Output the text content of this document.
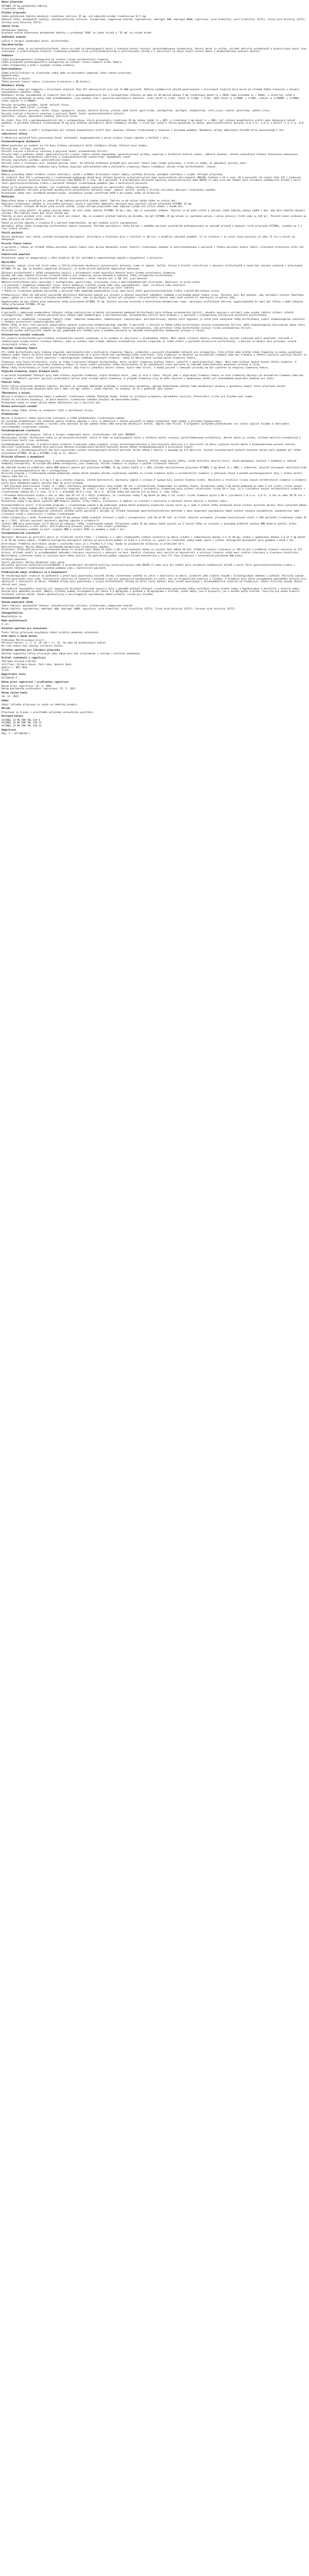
Název přípravku
ACTONEL 35 mg potahované tablety
risedronan sodný
Složení přípravku
Jedna potahovaná tableta obsahuje risedronas natricus 35 mg, což odpovídá acidum risedronicum 32,5 mg.
Pomocné látky: monohydrát laktosy, mikrokrystalická celulosa, krospovidon, magnesium-stearát, hypromelosa, makrogol 400, makrogol 8000, hyprolosa, oxid křemičitý, oxid titaničitý (E171), žlutý oxid železitý (E172), červený oxid železitý (E172).
Léková forma
Potahované tablety.
Oranžové oválné bikonvexní potahované tablety s vyraženým "RSN" na jedné straně a "35 mg" na straně druhé.
Indikační skupina
Léčiva k terapii onemocnění kostí, bisfosfonáty.
Charakteristika
Risedronan sodný je pyridinylbisfosfonát, který se váže na hydroxyapatit kostí a inhibuje kostní resorpci zprostředkovanou osteoklasty. Kostní obrat je snížen, přičemž aktivita osteoblastů a mineralizace kosti jsou zachovány. V preklinických studiích risedronan prokázal silný protiosteoklastický a antiresorpční účinek a v závislosti na dávce zvýšil kostní hmotu a biomechanickou pevnost skeletu.
Indikace
Léčba postmenopauzální osteoporózy ke snížení rizika vertebrálních zlomenin.
Léčba prokázané postmenopauzální osteoporózy ke snížení rizika zlomenin krčku femuru.
Léčba osteoporózy u mužů s vysokým rizikem zlomenin.
Kontraindikace
Známá přecitlivělost na risedronan sodný nebo na kteroukoli pomocnou látku tohoto přípravku.
Hypokalcemie.
Těhotenství a kojení.
Těžká porucha funkce ledvin (clearance kreatininu < 30 ml/min).
Nežádoucí účinky
Risedronan sodný byl hodnocen v klinických studiích fáze III zahrnujících více než 15 000 pacientů. Většina nežádoucích účinků pozorovaných v klinických studiích byla mírné až středně těžké intenzity a obvykle nevyžadovala ukončení léčby.
Nežádoucí účinky zaznamenané ve studiích fáze III u postmenopauzálních žen s osteoporózou léčených po dobu až 36 měsíců dávkou 5 mg risedronanu denně (n = 5020) nebo placebem (n = 5048), u nichž byl vztah k risedronanu považován za možný nebo pravděpodobný, jsou uvedeny níže s použitím následující konvence: velmi časté (≥ 1/10), časté (≥ 1/100; < 1/10), méně časté (≥ 1/1000; < 1/100), vzácné (≥ 1/10000; < 1/1000), velmi vzácné (< 1/10000).
Poruchy nervového systému: časté: bolesti hlavy.
Poruchy oka: méně časté: iritida.
Gastrointestinální poruchy: časté: zácpa, dyspepsie, nauzea, bolesti břicha, průjem; méně časté: gastritida, ezofagitida, dysfagie, duodenitida, vřed jícnu; vzácné: glositida, zúžení jícnu.
Poruchy svalové a kosterní soustavy a pojivové tkáně: časté: muskuloskeletální bolesti.
Vyšetření: vzácné: abnormální hodnoty jaterních testů.
Ve studii fáze III u postmenopauzálních žen s osteoporózou, která porovnávala risedronan 35 mg jednou týdně (n = 485) a risedronan 5 mg denně (n = 480), byl celkový bezpečnostní profil obou dávkových režimů podobný. U pacientů léčených risedronanem 35 mg byly hlášeny následující další nežádoucí účinky, u nichž byl vztah k léčivu považován za možný: gastrointestinální poruchy (1,6 % vs. 1,0 %) a bolest (1,2 % vs. 0,8 %).
Ve dvouleté studii u mužů s osteoporózou byl celkový bezpečnostní profil mezi skupinou léčenou risedronanem a skupinou s placebem podobný. Nežádoucí účinky odpovídaly účinkům dříve pozorovaným u žen.
Laboratorní nálezy
U některých pacientů bylo pozorováno časné, přechodné, asymptomatické a mírné snížení hladin vápníku a fosfátů v séru.
Postmarketingové zkušenosti
Během používání po uvedení na trh byly hlášeny následující další nežádoucí účinky (četnost není známa):
Poruchy oka: iritida, uveitida.
Poruchy svalové a kosterní soustavy a pojivové tkáně: osteonekróza čelisti.
Poruchy kůže a podkožní tkáně: hypersenzitivita a kožní reakce včetně angioedému, generalizované vyrážky, kopřivky a bulózních kožních reakcí, některé závažné, včetně ojedinělých hlášení Stevensova-Johnsonova syndromu, toxické epidermální nekrolýzy a leukocytoklastické vaskulitidy. Vypadávání vlasů.
Poruchy imunitního systému: anafylaktická reakce.
Poruchy jater a žlučových cest: závažné poruchy jater. Ve většině hlášených případů byli pacienti léčeni také jinými přípravky, o nichž je známo, že způsobují poruchy jater.
Během postmarketingového sledování byly hlášeny atypické subtrochanterické a diafyzární zlomeniny femuru (nežádoucí účinek třídy bisfosfonátů), vzácné.
Interakce
Nebyly provedeny žádné formální studie interakcí, avšak v průběhu klinických studií nebyly zjištěny klinicky významné interakce s jinými léčivými přípravky.
Ve studiích fáze III u osteoporózy s risedronanem podávaným denně bylo užívání kyseliny acetylsalicylové nebo nesteroidních antirevmatik (NSAID) hlášeno u 33 % resp. 45 % pacientů. Ve studii fáze III s týdenním dávkováním užívalo kyselinu acetylsalicylovou nebo NSAID 57 % resp. 40 % pacientů. U pravidelných uživatelů kyseliny acetylsalicylové nebo NSAID (3 nebo více dní týdně) byla incidence nežádoucích účinků v horní části gastrointestinálního traktu u pacientů léčených risedronanem podobná jako u kontrolních pacientů.
Pokud je to považováno za vhodné, lze risedronan sodný podávat současně se substituční léčbou estrogeny.
Současné podávání léčivých přípravků obsahujících polyvalentní kationty (např. vápník, hořčík, železo a hliník) ovlivňuje absorpci risedronanu sodného.
Risedronan sodný není systémově metabolizován, neindukuje enzymy cytochromu P450 a má nízkou vazbu na bílkoviny.
Dávkování
Doporučená dávka u dospělých je jedna 35 mg tableta perorálně jednou týdně. Tableta se má užívat každý týden ve stejný den.
Absorpce risedronanu sodného je ovlivněna potravou, proto k zajištění adekvátní absorpce mají pacienti užívat přípravek ACTONEL 35 mg:
• Před snídaní: alespoň 30 minut před prvním jídlem, jiným léčivým přípravkem nebo nápojem (jiným než čistou vodou) v daném dni.
Pacienta je nutno poučit, že pokud vynechá dávku, má užít jednu tabletu ACTONEL 35 mg v den, kdy si vynechání uvědomí. Pacient se má poté vrátit k užívání jedné tablety jednou týdně v den, kdy byla tableta obvykle užívána. Dvě tablety nesmí být užity tentýž den.
Tablety se musí polykat celé, nesmí se cucat ani žvýkat. Aby se usnadnil průchod tablety do žaludku, má být ACTONEL 35 mg užíván ve vzpřímené poloze s plnou sklenicí čisté vody (≥ 120 ml). Pacient nesmí ulehnout po dobu 30 minut po užití tablety.
Pokud je příjem vápníku a vitaminu D v potravě nedostatečný, má být zvážena jejich suplementace.
Optimální délka léčby osteoporózy bisfosfonáty nebyla stanovena. Potřeba pokračující léčby má být u každého pacienta pravidelně přehodnocována na základě přínosů a možných rizik přípravku ACTONEL, zejména po 5 a více letech užívání.
Starší pacienti
Úprava dávkování není nutná, protože biologická dostupnost, distribuce a eliminace byly u starších (> 60 let) a mladších subjektů podobné. To se vztahuje i na velmi staré pacienty ve věku 75 let a starší po menopauze.
Porucha funkce ledvin
U pacientů s lehkou až středně těžkou poruchou funkce ledvin není úprava dávkování nutná. Použití risedronanu sodného je kontraindikováno u pacientů s těžkou poruchou funkce ledvin (clearance kreatininu nižší než 30 ml/min).
Pediatrická populace
Risedronan sodný se nedoporučuje u dětí mladších 18 let vzhledem k nedostatečným údajům o bezpečnosti a účinnosti.
Upozornění
Potraviny, nápoje (jiné než čistá voda) a léčivé přípravky obsahující polyvalentní kationty (jako je vápník, hořčík, železo a hliník) interferují s absorpcí bisfosfonátů a nesmí být užívány současně s přípravkem ACTONEL 35 mg. Aby se dosáhlo zamýšlené účinnosti, je nutné přesně dodržovat doporučené dávkování.
Účinnost bisfosfonátů v léčbě osteoporózy souvisí s přítomností nízké minerální denzity kostí a/nebo prevalentní zlomeniny.
Vysoký věk nebo samotné klinické rizikové faktory pro zlomeniny nejsou důvodem k zahájení léčby osteoporózy bisfosfonáty.
Údaje podporující účinnost bisfosfonátů včetně risedronanu u velmi starých žen (> 80 let) jsou omezené.
Některé bisfosfonáty byly spojovány s ezofagitidou, gastritidou, ulceracemi jícnu a gastroduodenálními ulceracemi. Opatrnost je proto nutná:
• U pacientů s anamnézou onemocnění jícnu, které zpomalují průchod jícnem nebo jeho vyprazdňování, např. striktura nebo achalazie
• U pacientů, kteří nejsou schopni udržet vzpřímenou polohu alespoň 30 minut po užití tablety
• Pokud je risedronan podáván pacientům s aktivním nebo nedávným onemocněním jícnu nebo horní části gastrointestinálního traktu (včetně Barrettova jícnu).
Předepisující lékař má zdůraznit pacientům důležitost dodržování pokynů pro užívání a věnovat pozornost jakýmkoli známkám a příznakům možné reakce jícnu. Pacienti mají být poučeni, aby vyhledali včasnou lékařskou pomoc, pokud se u nich objeví příznaky podráždění jícnu, jako je dysfagie, bolest při polykání, retrosternální bolest nebo nově vzniklé či zhoršující se pálení žáhy.
Hypokalcemie má být léčena před zahájením léčby přípravkem ACTONEL 35 mg. Ostatní poruchy kostního a minerálního metabolismu (např. dysfunkce příštítných tělísek, hypovitaminóza D) mají být léčeny v době zahájení léčby přípravkem ACTONEL 35 mg.
Osteonekróza čelisti
U pacientů s nádorovým onemocněním léčených režimy zahrnujícími primárně intravenózně podávané bisfosfonáty byla hlášena osteonekróza čelisti, obvykle spojená s extrakcí zubu a/nebo lokální infekcí (včetně osteomyelitidy). Mnoho z těchto pacientů bylo léčeno také chemoterapií a kortikosteroidy. Osteonekróza čelisti byla hlášena i u pacientů s osteoporózou užívajících perorální bisfosfonáty.
U pacientů se souběžnými rizikovými faktory (např. nádorové onemocnění, chemoterapie, radioterapie, kortikosteroidy, špatná ústní hygiena) je nutné před zahájením léčby bisfosfonáty zvážit stomatologické vyšetření s vhodnou preventivní stomatologickou péčí.
Během léčby se mají tito pacienti pokud možno vyhnout invazivním stomatologickým výkonům. U pacientů, u kterých se během léčby bisfosfonáty rozvine osteonekróza čelisti, může stomatologický chirurgický výkon tento stav zhoršit. Pro pacienty vyžadující stomatologický výkon nejsou k dispozici údaje, které by naznačovaly, zda přerušení léčby bisfosfonáty snižuje riziko osteonekrózy čelisti.
Klinický úsudek ošetřujícího lékaře má být podkladem pro léčebný plán u každého pacienta na základě individuálního zhodnocení přínosu a rizika.
Osteonekróza zevního zvukovodu
Při použití bisfosfonátů byla hlášena osteonekróza zevního zvukovodu, a to zejména ve spojitosti s dlouhodobou léčbou. Mezi možné rizikové faktory osteonekrózy zevního zvukovodu patří používání steroidů a chemoterapie a/nebo místní rizikové faktory, jako je infekce nebo trauma. Možnost osteonekrózy zevního zvukovodu je třeba zvážit u pacientů užívajících bisfosfonáty, u kterých se objeví ušní příznaky, včetně chronických infekcí ucha.
Atypické zlomeniny femuru
Při léčbě bisfosfonáty byly hlášeny atypické subtrochanterické a diafyzární zlomeniny femuru, především u pacientů dlouhodobě léčených pro osteoporózu. Tyto příčné nebo krátké šikmé zlomeniny se mohou vyskytnout kdekoli podél femuru od místa těsně pod malým trochanterem až k místu těsně nad suprakondylickým rozšířením. Tyto zlomeniny se objevují po minimálním traumatu nebo bez traumatu a někteří pacienti pociťují bolest ve stehně nebo v tříslech, často spojenou s radiologickými známkami únavových zlomenin, týdny až měsíce před vznikem úplné zlomeniny femuru.
Zlomeniny jsou často bilaterální, proto je třeba u pacientů léčených bisfosfonáty, kteří utrpěli zlomeninu diafýzy femuru, vyšetřit i kontralaterální femur. Bylo také hlášeno špatné hojení těchto zlomenin. U pacientů s podezřením na atypickou zlomeninu femuru je nutné zvážit přerušení léčby bisfosfonáty až do vyhodnocení stavu pacienta na základě individuálního posouzení přínosů a rizik.
Během léčby bisfosfonáty je nutné pacienty poučit, aby hlásili jakoukoli bolest stehna, kyčle nebo třísel, a každý pacient s takovými příznaky má být vyšetřen na neúplnou zlomeninu femuru.
Atypické zlomeniny jiných dlouhých kostí
U pacientů dlouhodobě léčených byly také hlášeny atypické zlomeniny jiných dlouhých kostí, jako je ulna a tibie. Stejně jako u atypických zlomenin femuru se tyto zlomeniny objevují po minimálním traumatu nebo bez traumatu a někteří pacienti pociťují prodromální bolest před vznikem úplné zlomeniny. V případě zlomeniny ulny to může souviset s opakovanou zátěží při dlouhodobém používání pomůcek pro chůzi.
Pomocné látky
Tento léčivý přípravek obsahuje laktosu. Pacienti se vzácnými dědičnými problémy s intolerancí galaktosy, úplným nedostatkem laktázy nebo malabsorpcí glukosy a galaktosy nemají tento přípravek užívat.
Tento léčivý přípravek obsahuje méně než 1 mmol (23 mg) sodíku v jedné tabletě, to znamená, že je v podstatě „bez sodíku“.
Těhotenství a kojení
Nejsou k dispozici dostatečné údaje o podávání risedronanu sodného těhotným ženám. Studie na zvířatech prokázaly reprodukční toxicitu. Potenciální riziko pro člověka není známo.
Studie na zvířatech naznačují, že malé množství risedronanu sodného přechází do mateřského mléka.
Risedronan sodný se nesmí užívat během těhotenství ani u kojících žen.
Řízení motorových vozidel
Nejsou známy žádné účinky na schopnost řídit a obsluhovat stroje.
Předávkování
Nejsou k dispozici žádné specifické informace o léčbě předávkování risedronanem sodným.
Po výrazném předávkování lze očekávat pokles hladiny vápníku v séru. U některých z těchto pacientů se mohou vyskytnout také známky a příznaky hypokalcemie.
K navázání risedronanu sodného a snížení jeho absorpce má být podáno mléko nebo antacida obsahující hořčík, vápník nebo hliník. V případech výrazného předávkování lze zvážit výplach žaludku k odstranění nevstřebaného risedronanu sodného.
Farmakodynamické vlastnosti
Farmakoterapeutická skupina: léčiva k terapii onemocnění kostí, bisfosfonáty; ATC kód: M05BA07.
Mechanismus účinku: Risedronan sodný je pyridinylbisfosfonát, který se váže na hydroxyapatit kostí a inhibuje kostní resorpci zprostředkovanou osteoklasty. Kostní obrat je snížen, přičemž aktivita osteoblastů a mineralizace kosti jsou zachovány.
Farmakodynamické účinky: V preklinických studiích risedronan sodný prokázal silnou antiosteoklastickou a antiresorpční aktivitu a v závislosti na dávce zvyšoval kostní hmotu a biomechanickou pevnost skeletu. Aktivita risedronanu sodného byla potvrzena měřením biochemických markerů kostního obratu během farmakodynamických a klinických studií.
Ve studiích u postmenopauzálních žen bylo pozorováno snížení biochemických markerů kostního obratu během 1 měsíce, s maximem po 3–6 měsících. Snížení biochemických markerů kostního obratu bylo podobné při léčbě přípravkem ACTONEL 35 mg a ACTONEL 5 mg ve 12. měsíci.
Klinická účinnost a bezpečnost
Léčba postmenopauzální osteoporózy: S postmenopauzální osteoporózou je spojena řada rizikových faktorů, včetně nízké kostní hmoty, nízké minerální denzity kostí, časné menopauzy, kouření v anamnéze a rodinné anamnézy osteoporózy. Klinickým důsledkem osteoporózy jsou zlomeniny. Riziko zlomenin se zvyšuje s počtem rizikových faktorů.
Na základě účinků na průměrnou změnu BMD bederní páteře byl přípravek ACTONEL 35 mg jednou týdně (n = 485) shledán ekvivalentním přípravku ACTONEL 5 mg denně (n = 480) v jednoleté, dvojitě zaslepené, multicentrické studii u postmenopauzálních žen s osteoporózou.
Klinický program s risedronanem sodným podávaným jednou denně zkoumal účinek risedronanu sodného na riziko zlomenin kyčle a vertebrálních zlomenin a zahrnoval časně a pozdně postmenopauzální ženy s nízkou kostní hmotou nebo bez ní.
Byly hodnoceny denní dávky 2,5 mg a 5 mg a všechny skupiny, včetně kontrolních, dostávaly vápník a vitamin D (pokud byly výchozí hladiny nízké). Absolutní a relativní riziko nových vertebrálních zlomenin a zlomenin kyčle bylo odhadnuto pomocí analýzy doby do první příhody.
• Dvě placebem kontrolované studie (n = 3661) zahrnovaly postmenopauzální ženy mladší 85 let s vertebrálními zlomeninami na začátku studie. Risedronan sodný 5 mg denně podávaný po dobu 3 let snížil riziko nových vertebrálních zlomenin ve srovnání s kontrolní skupinou. Ve studii u žen s nejméně 2 nebo nejméně 1 vertebrální zlomeninou bylo snížení relativního rizika 49 % resp. 41 % (incidence nových vertebrálních zlomenin s risedronanem sodným 18,1 % resp. 11,3 %, s placebem 29,0 % resp. 16,3 %). Účinek léčby byl patrný již na konci 1. roku léčby.
• Placebem kontrolovaná studie u žen ve věku nad 70 let (n = 9331) prokázala, že risedronan sodný 5 mg denně po dobu 3 let snížil riziko zlomenin kyčle o 30 % (incidence 2,8 % vs. 3,9 %). U žen ve věku 70–79 let s T-skóre BMD krčku femuru < −3 SD bylo riziko zlomeniny kyčle sníženo o 60 %.
Risedronan sodný 5 mg denně zvyšoval BMD bederní páteře, krčku femuru, trochanteru a zápěstí ve srovnání s kontrolou a udržoval kostní denzitu v diafýze radia.
Histomorfometrie kostí: V klinickém programu s risedronanem sodným 5 mg podávaným jednou denně prokázaly bioptické vzorky kostí po 2 nebo 3 letech léčby očekávané mírné snížení kostního obratu. Kost vytvořená během léčby risedronanem sodným měla normální lamelární strukturu a normální mineralizaci.
Endoskopické nálezy: Endoskopické vyšetření velkého počtu pacientů s mírnými až středně závažnými gastrointestinálními obtížemi v obou skupinách neprokázalo žádné zvýšení výskytu žaludečních, duodenálních nebo jícnových vředů v souvislosti s léčbou risedronanem.
Léčba osteoporózy u mužů: Risedronan sodný 35 mg jednou týdně prokázal účinnost u mužů s osteoporózou (věk 36 až 84 let) ve 2leté, dvojitě zaslepené, placebem kontrolované studii u 284 pacientů (risedronan sodný 35 mg n = 191). Všichni pacienti dostávali doplňky vápníku a vitaminu D.
Zvýšení BMD bylo pozorováno již 6 měsíců po zahájení léčby risedronanem sodným. Risedronan sodný 35 mg jednou týdně vyvolal po 2 letech léčby ve srovnání s placebem průměrné zvýšení BMD bederní páteře, krčku femuru, trochanteru a celé kyčle. Antifrakturová účinnost nebyla v této studii prokázána.
Účinek risedronanu sodného na kost (zvýšení BMD a snížení BTM) je podobný u mužů i žen.
Farmakokinetické vlastnosti
Absorpce: Absorpce po perorální dávce je relativně rychlá (tmax ~ 1 hodina) a v rámci studovaného rozmezí nezávislá na dávce (studie s jednorázovou dávkou 2,5 až 30 mg; studie s opakovanou dávkou 2,5 až 5 mg denně a až 50 mg jednou týdně). Průměrná biologická dostupnost tablety po perorálním podání je 0,63 % a snižuje se, pokud je risedronan sodný podán spolu s jídlem. Biologická dostupnost byla podobná u mužů a žen.
Distribuce: Průměrný distribuční objem v ustáleném stavu je u člověka 6,3 l/kg. Vazba na plazmatické bílkoviny je přibližně 24 %.
Biotransformace: Nejsou důkazy o systémovém metabolismu risedronanu sodného.
Eliminace: Přibližně polovina absorbované dávky se vyloučí močí během 24 hodin a 85 % intravenózní dávky se vyloučí močí během 28 dnů. Průměrná renální clearance je 105 ml/min a průměrná celková clearance je 122 ml/min, přičemž rozdíl je pravděpodobně způsoben clearance související s adsorpcí na kost. Renální clearance není závislá na koncentraci a existuje lineární vztah mezi renální clearance a clearance kreatininu. Nevstřebaný risedronan sodný se vylučuje beze změny stolicí. Po perorálním podání vykazuje křivka koncentrace v čase tři fáze eliminace s terminálním poločasem 480 hodin.
Zvláštní populace:
Starší pacienti: Úprava dávkování není nutná.
Uživatelé kyseliny acetylsalicylové/NSAID: U pravidelných uživatelů kyseliny acetylsalicylové nebo NSAID (3 nebo více dní týdně) byla incidence nežádoucích účinků v horní části gastrointestinálního traktu u pacientů léčených risedronanem sodným podobná jako u kontrolních pacientů.
Předklinické údaje vztahující se k bezpečnosti
Ve toxikologických studiích na potkanech a psech byly pozorovány toxické účinky risedronanu sodného na játra v závislosti na dávce, primárně jako zvýšení enzymů s histologickými změnami u potkanů. Klinický význam těchto pozorování není znám. Testikulární toxicita se vyskytla u potkanů a psů při expozicích považovaných za vyšší, než je terapeutická expozice u člověka. U hlodavců bylo často zaznamenáno podráždění horních cest dýchacích v závislosti na dávce. Podobné účinky byly pozorovány u jiných bisfosfonátů. Účinky na dolní cesty dýchací byly rovněž pozorovány v dlouhodobějších studiích na hlodavcích, ačkoli klinický význam těchto nálezů není jasný.
Ve studiích reprodukční toxicity při expozicích blízkých klinické expozici byly u potomků potkanů léčených risedronanem pozorovány změny osifikace sterna a/nebo lebky a hypokalcemie a mortalita u březích samic, kterým bylo umožněno porodit. Nebyly zjištěny známky teratogenity při dávce 3,2 mg/kg/den u potkanů a 10 mg/kg/den u králíků, avšak údaje jsou k dispozici jen u malého počtu králíků. Toxicita pro matku bránila testování vyšších dávek. Studie genotoxicity a karcinogenity neprokázaly žádná zvláštní rizika pro člověka.
Farmaceutické údaje
Seznam pomocných látek
Jádro tablety: monohydrát laktosy, mikrokrystalická celulosa, krospovidon, magnesium-stearát.
Potah tablety: hypromelosa, makrogol 400, makrogol 8000, hyprolosa, oxid křemičitý, oxid titaničitý (E171), žlutý oxid železitý (E172), červený oxid železitý (E172).
Inkompatibility
Neuplatňuje se.
Doba použitelnosti
5 let.
Zvláštní opatření pro uchovávání
Tento léčivý přípravek nevyžaduje žádné zvláštní podmínky uchovávání.
Druh obalu a obsah balení
Průhledný PVC/hliníkový blistr.
Velikost balení: 1, 2, 4, 10 (10 × 1), 12, 16 nebo 24 potahovaných tablet.
Na trhu nemusí být všechny velikosti balení.
Zvláštní opatření pro likvidaci přípravku
Všechen nepoužitý léčivý přípravek nebo odpad musí být zlikvidován v souladu s místními požadavky.
Držitel rozhodnutí o registraci
Theramex Ireland Limited
3rd Floor, Kilmore House, Park Lane, Spencer Dock
Dublin 1, D01 YE64
Irsko
Registrační číslo
87/160/03-C
Datum první registrace / prodloužení registrace
Datum první registrace: 16. 4. 2003
Datum posledního prodloužení registrace: 25. 5. 2011
Datum revize textu
20. 12. 2023
Výdej
Výdej léčivého přípravku je vázán na lékařský předpis.
Úhrada
Přípravek je hrazen z prostředků veřejného zdravotního pojištění.
Dostupná balení
ACTONEL 35 MG POR TBL FLM 4
ACTONEL 35 MG POR TBL FLM 12
ACTONEL 35 MG POR TBL FLM 24
Registrace
Reg. č.: 87/160/03-C
